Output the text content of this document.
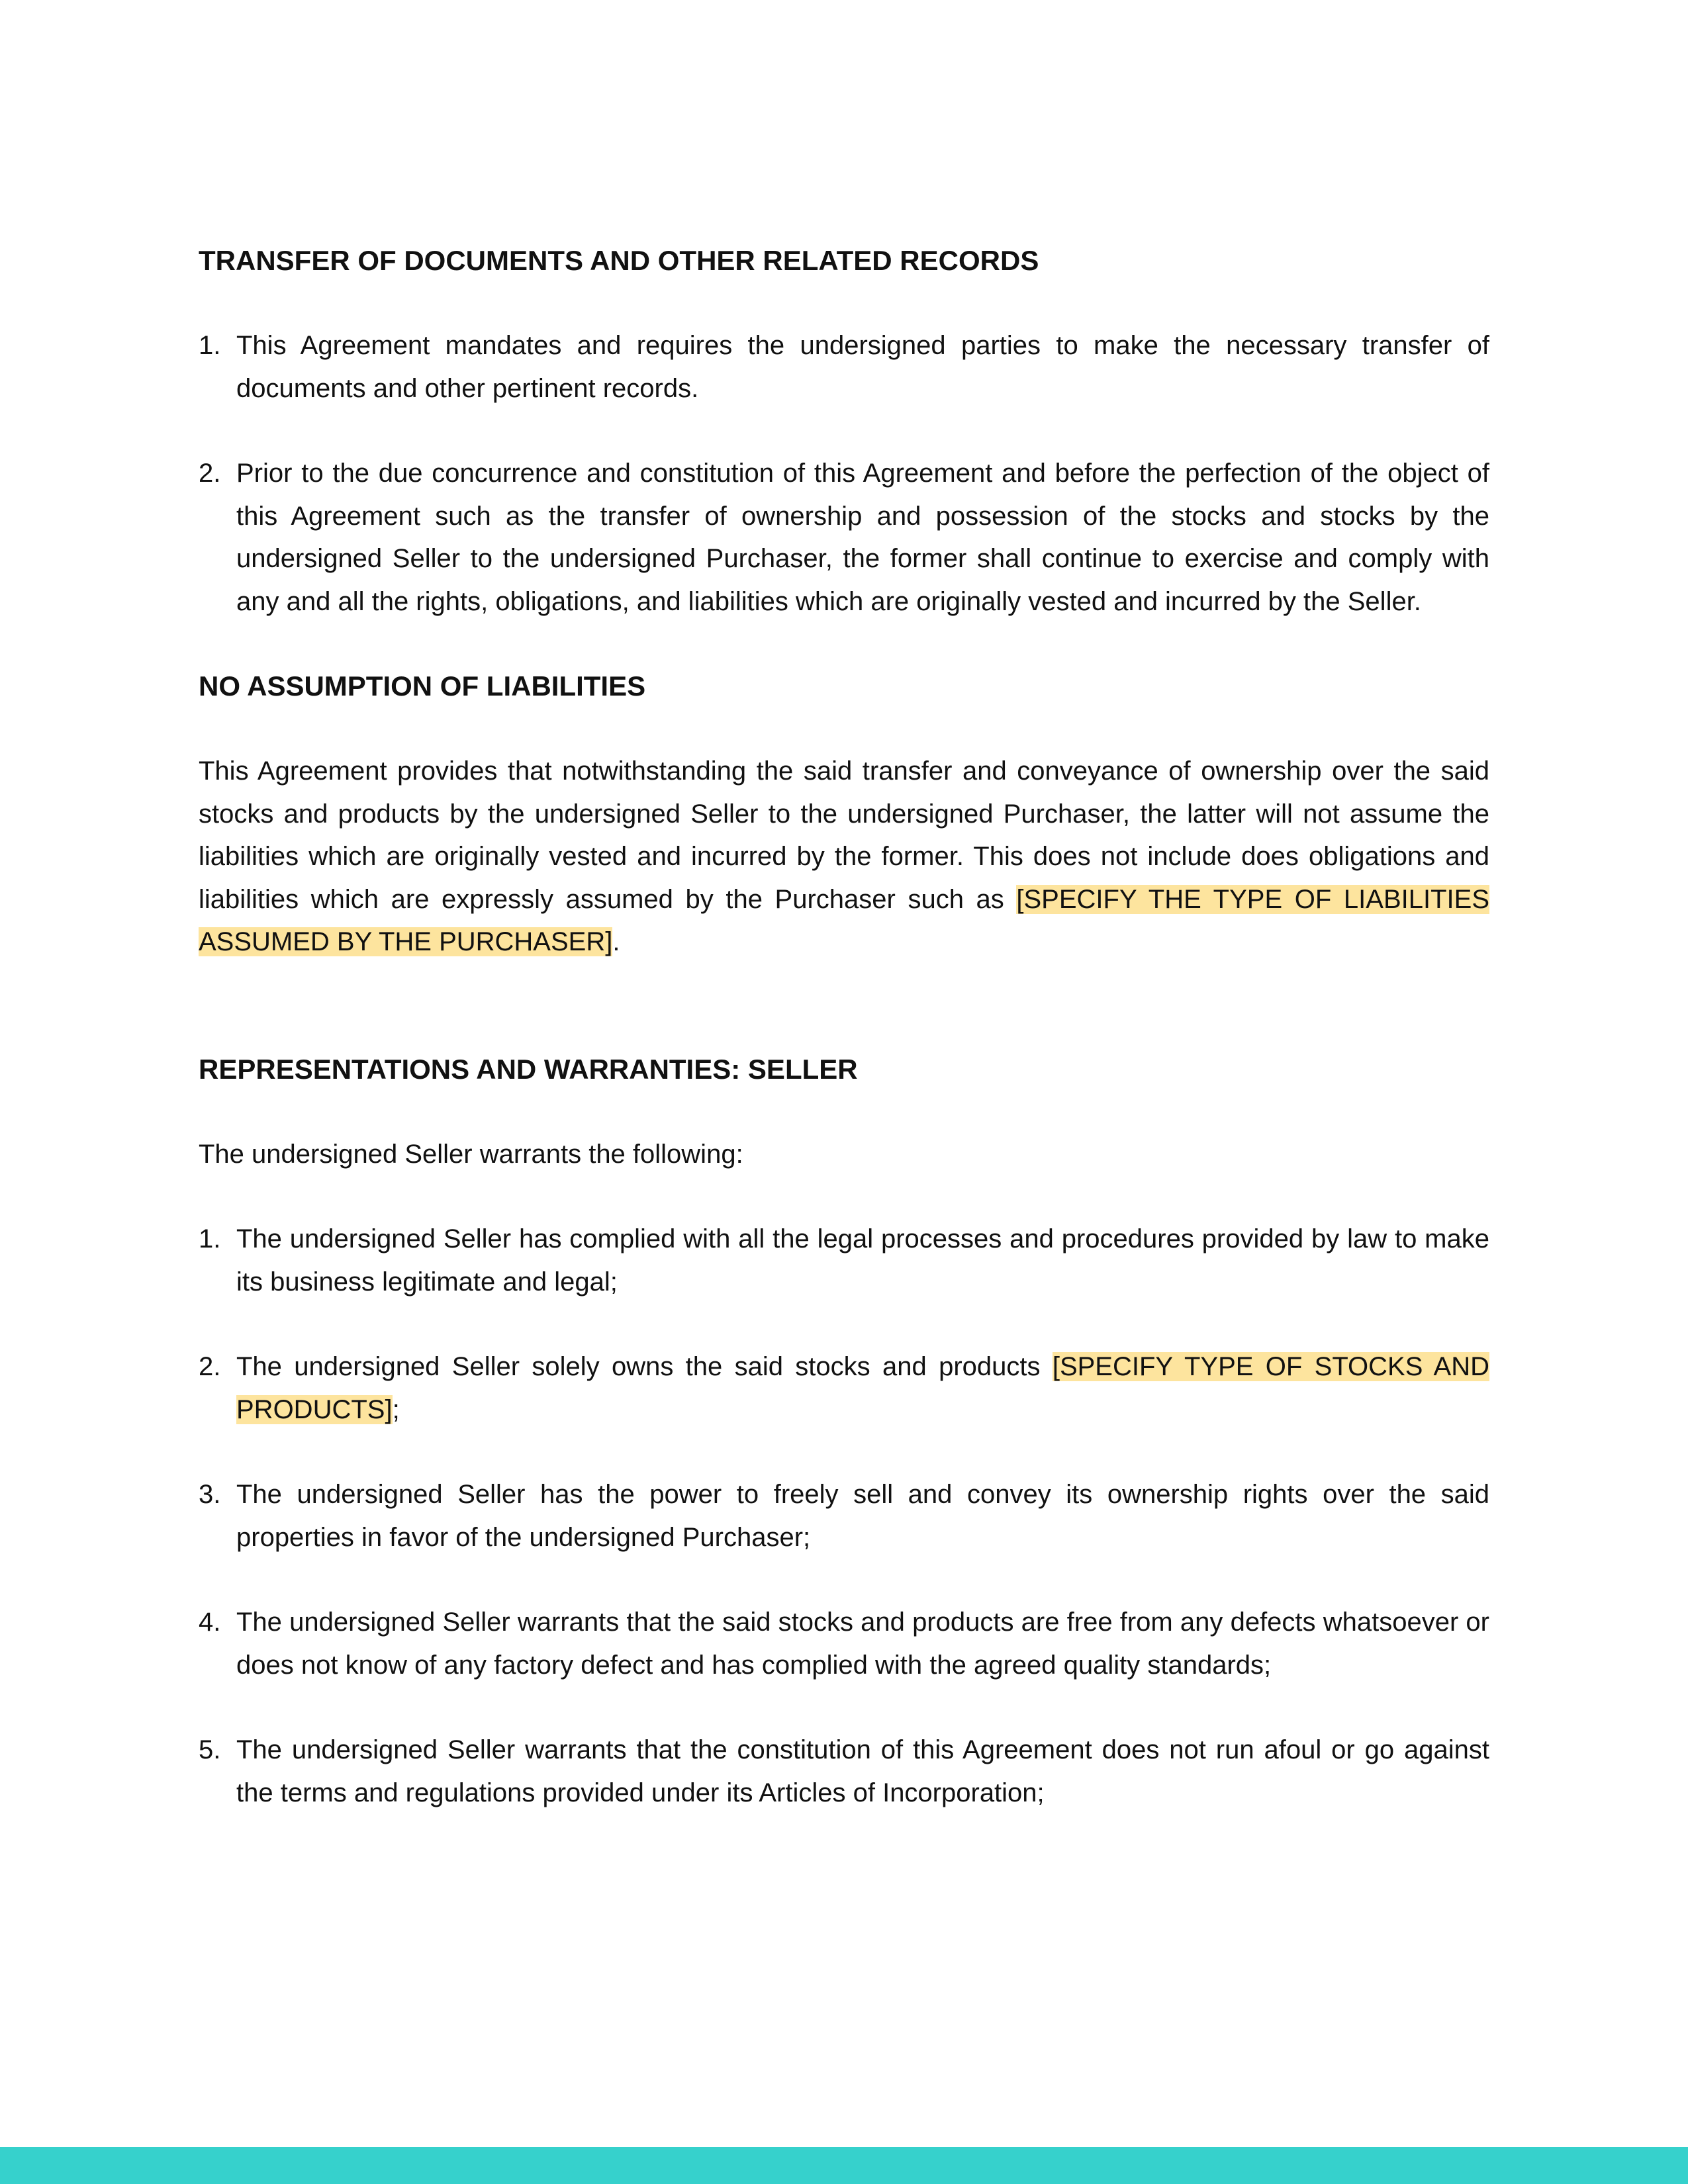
TRANSFER OF DOCUMENTS AND OTHER RELATED RECORDS
1. This Agreement mandates and requires the undersigned parties to make the necessary transfer of documents and other pertinent records.
2. Prior to the due concurrence and constitution of this Agreement and before the perfection of the object of this Agreement such as the transfer of ownership and possession of the stocks and stocks by the undersigned Seller to the undersigned Purchaser, the former shall continue to exercise and comply with any and all the rights, obligations, and liabilities which are originally vested and incurred by the Seller.
NO ASSUMPTION OF LIABILITIES

This Agreement provides that notwithstanding the said transfer and conveyance of ownership over the said stocks and products by the undersigned Seller to the undersigned Purchaser, the latter will not assume the liabilities which are originally vested and incurred by the former. This does not include does obligations and liabilities which are expressly assumed by the Purchaser such as [SPECIFY THE TYPE OF LIABILITIES ASSUMED BY THE PURCHASER].

REPRESENTATIONS AND WARRANTIES: SELLER

The undersigned Seller warrants the following:

1. The undersigned Seller has complied with all the legal processes and procedures provided by law to make its business legitimate and legal;
2. The undersigned Seller solely owns the said stocks and products [SPECIFY TYPE OF STOCKS AND PRODUCTS];
3. The undersigned Seller has the power to freely sell and convey its ownership rights over the said properties in favor of the undersigned Purchaser;
4. The undersigned Seller warrants that the said stocks and products are free from any defects whatsoever or does not know of any factory defect and has complied with the agreed quality standards;
5. The undersigned Seller warrants that the constitution of this Agreement does not run afoul or go against the terms and regulations provided under its Articles of Incorporation;
